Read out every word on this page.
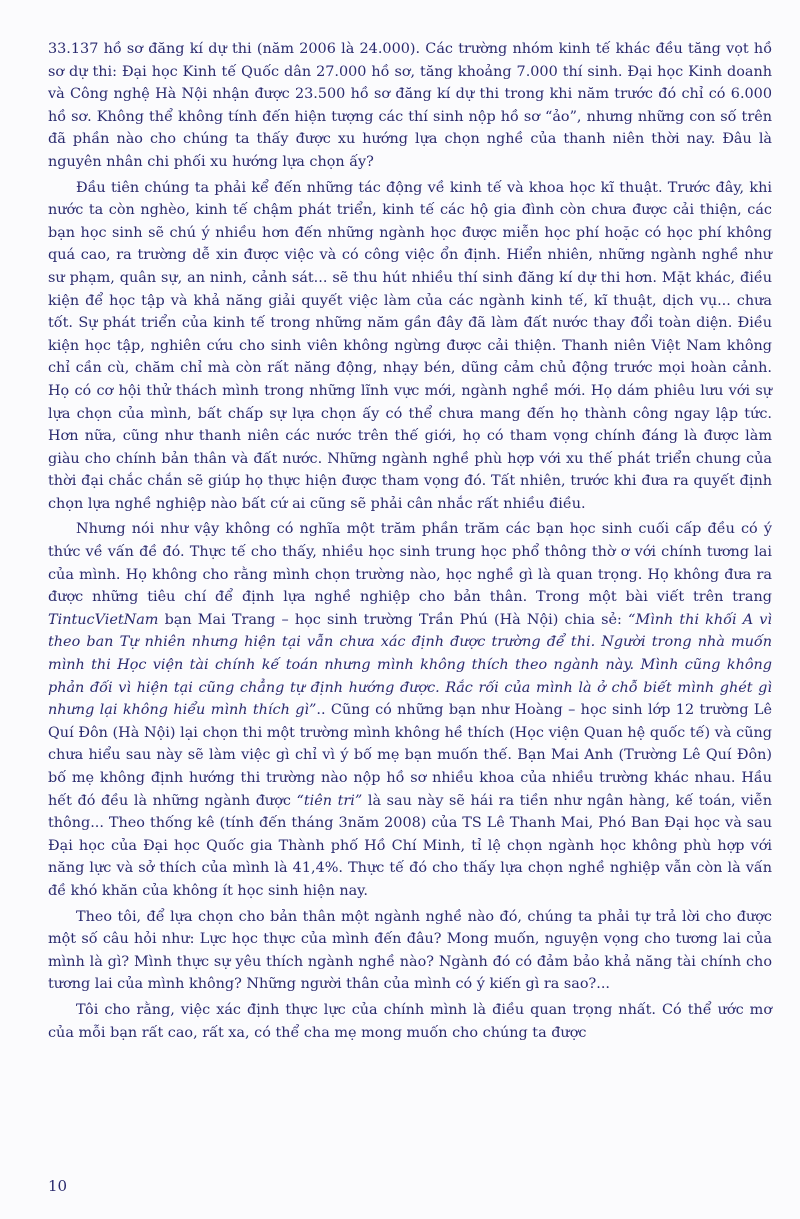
33.137 hồ sơ đăng kí dự thi (năm 2006 là 24.000). Các trường nhóm kinh tế khác đều tăng vọt hồ sơ dự thi: Đại học Kinh tế Quốc dân 27.000 hồ sơ, tăng khoảng 7.000 thí sinh. Đại học Kinh doanh và Công nghệ Hà Nội nhận được 23.500 hồ sơ đăng kí dự thi trong khi năm trước đó chỉ có 6.000 hồ sơ. Không thể không tính đến hiện tượng các thí sinh nộp hồ sơ “ảo”, nhưng những con số trên đã phần nào cho chúng ta thấy được xu hướng lựa chọn nghề của thanh niên thời nay. Đâu là nguyên nhân chi phối xu hướng lựa chọn ấy?

Đầu tiên chúng ta phải kể đến những tác động về kinh tế và khoa học kĩ thuật. Trước đây, khi nước ta còn nghèo, kinh tế chậm phát triển, kinh tế các hộ gia đình còn chưa được cải thiện, các bạn học sinh sẽ chú ý nhiều hơn đến những ngành học được miễn học phí hoặc có học phí không quá cao, ra trường dễ xin được việc và có công việc ổn định. Hiển nhiên, những ngành nghề như sư phạm, quân sự, an ninh, cảnh sát... sẽ thu hút nhiều thí sinh đăng kí dự thi hơn. Mặt khác, điều kiện để học tập và khả năng giải quyết việc làm của các ngành kinh tế, kĩ thuật, dịch vụ... chưa tốt. Sự phát triển của kinh tế trong những năm gần đây đã làm đất nước thay đổi toàn diện. Điều kiện học tập, nghiên cứu cho sinh viên không ngừng được cải thiện. Thanh niên Việt Nam không chỉ cần cù, chăm chỉ mà còn rất năng động, nhạy bén, dũng cảm chủ động trước mọi hoàn cảnh. Họ có cơ hội thử thách mình trong những lĩnh vực mới, ngành nghề mới. Họ dám phiêu lưu với sự lựa chọn của mình, bất chấp sự lựa chọn ấy có thể chưa mang đến họ thành công ngay lập tức. Hơn nữa, cũng như thanh niên các nước trên thế giới, họ có tham vọng chính đáng là được làm giàu cho chính bản thân và đất nước. Những ngành nghề phù hợp với xu thế phát triển chung của thời đại chắc chắn sẽ giúp họ thực hiện được tham vọng đó. Tất nhiên, trước khi đưa ra quyết định chọn lựa nghề nghiệp nào bất cứ ai cũng sẽ phải cân nhắc rất nhiều điều.

Nhưng nói như vậy không có nghĩa một trăm phần trăm các bạn học sinh cuối cấp đều có ý thức về vấn đề đó. Thực tế cho thấy, nhiều học sinh trung học phổ thông thờ ơ với chính tương lai của mình. Họ không cho rằng mình chọn trường nào, học nghề gì là quan trọng. Họ không đưa ra được những tiêu chí để định lựa nghề nghiệp cho bản thân. Trong một bài viết trên trang TintucVietNam bạn Mai Trang – học sinh trường Trần Phú (Hà Nội) chia sẻ: “Mình thi khối A vì theo ban Tự nhiên nhưng hiện tại vẫn chưa xác định được trường để thi. Người trong nhà muốn mình thi Học viện tài chính kế toán nhưng mình không thích theo ngành này. Mình cũng không phản đối vì hiện tại cũng chẳng tự định hướng được. Rắc rối của mình là ở chỗ biết mình ghét gì nhưng lại không hiểu mình thích gì”.. Cũng có những bạn như Hoàng – học sinh lớp 12 trường Lê Quí Đôn (Hà Nội) lại chọn thi một trường mình không hề thích (Học viện Quan hệ quốc tế) và cũng chưa hiểu sau này sẽ làm việc gì chỉ vì ý bố mẹ bạn muốn thế. Bạn Mai Anh (Trường Lê Quí Đôn) bố mẹ không định hướng thi trường nào nộp hồ sơ nhiều khoa của nhiều trường khác nhau. Hầu hết đó đều là những ngành được “tiên tri” là sau này sẽ hái ra tiền như ngân hàng, kế toán, viễn thông... Theo thống kê (tính đến tháng 3năm 2008) của TS Lê Thanh Mai, Phó Ban Đại học và sau Đại học của Đại học Quốc gia Thành phố Hồ Chí Minh, tỉ lệ chọn ngành học không phù hợp với năng lực và sở thích của mình là 41,4%. Thực tế đó cho thấy lựa chọn nghề nghiệp vẫn còn là vấn đề khó khăn của không ít học sinh hiện nay.

Theo tôi, để lựa chọn cho bản thân một ngành nghề nào đó, chúng ta phải tự trả lời cho được một số câu hỏi như: Lực học thực của mình đến đâu? Mong muốn, nguyện vọng cho tương lai của mình là gì? Mình thực sự yêu thích ngành nghề nào? Ngành đó có đảm bảo khả năng tài chính cho tương lai của mình không? Những người thân của mình có ý kiến gì ra sao?...

Tôi cho rằng, việc xác định thực lực của chính mình là điều quan trọng nhất. Có thể ước mơ của mỗi bạn rất cao, rất xa, có thể cha mẹ mong muốn cho chúng ta được

10
